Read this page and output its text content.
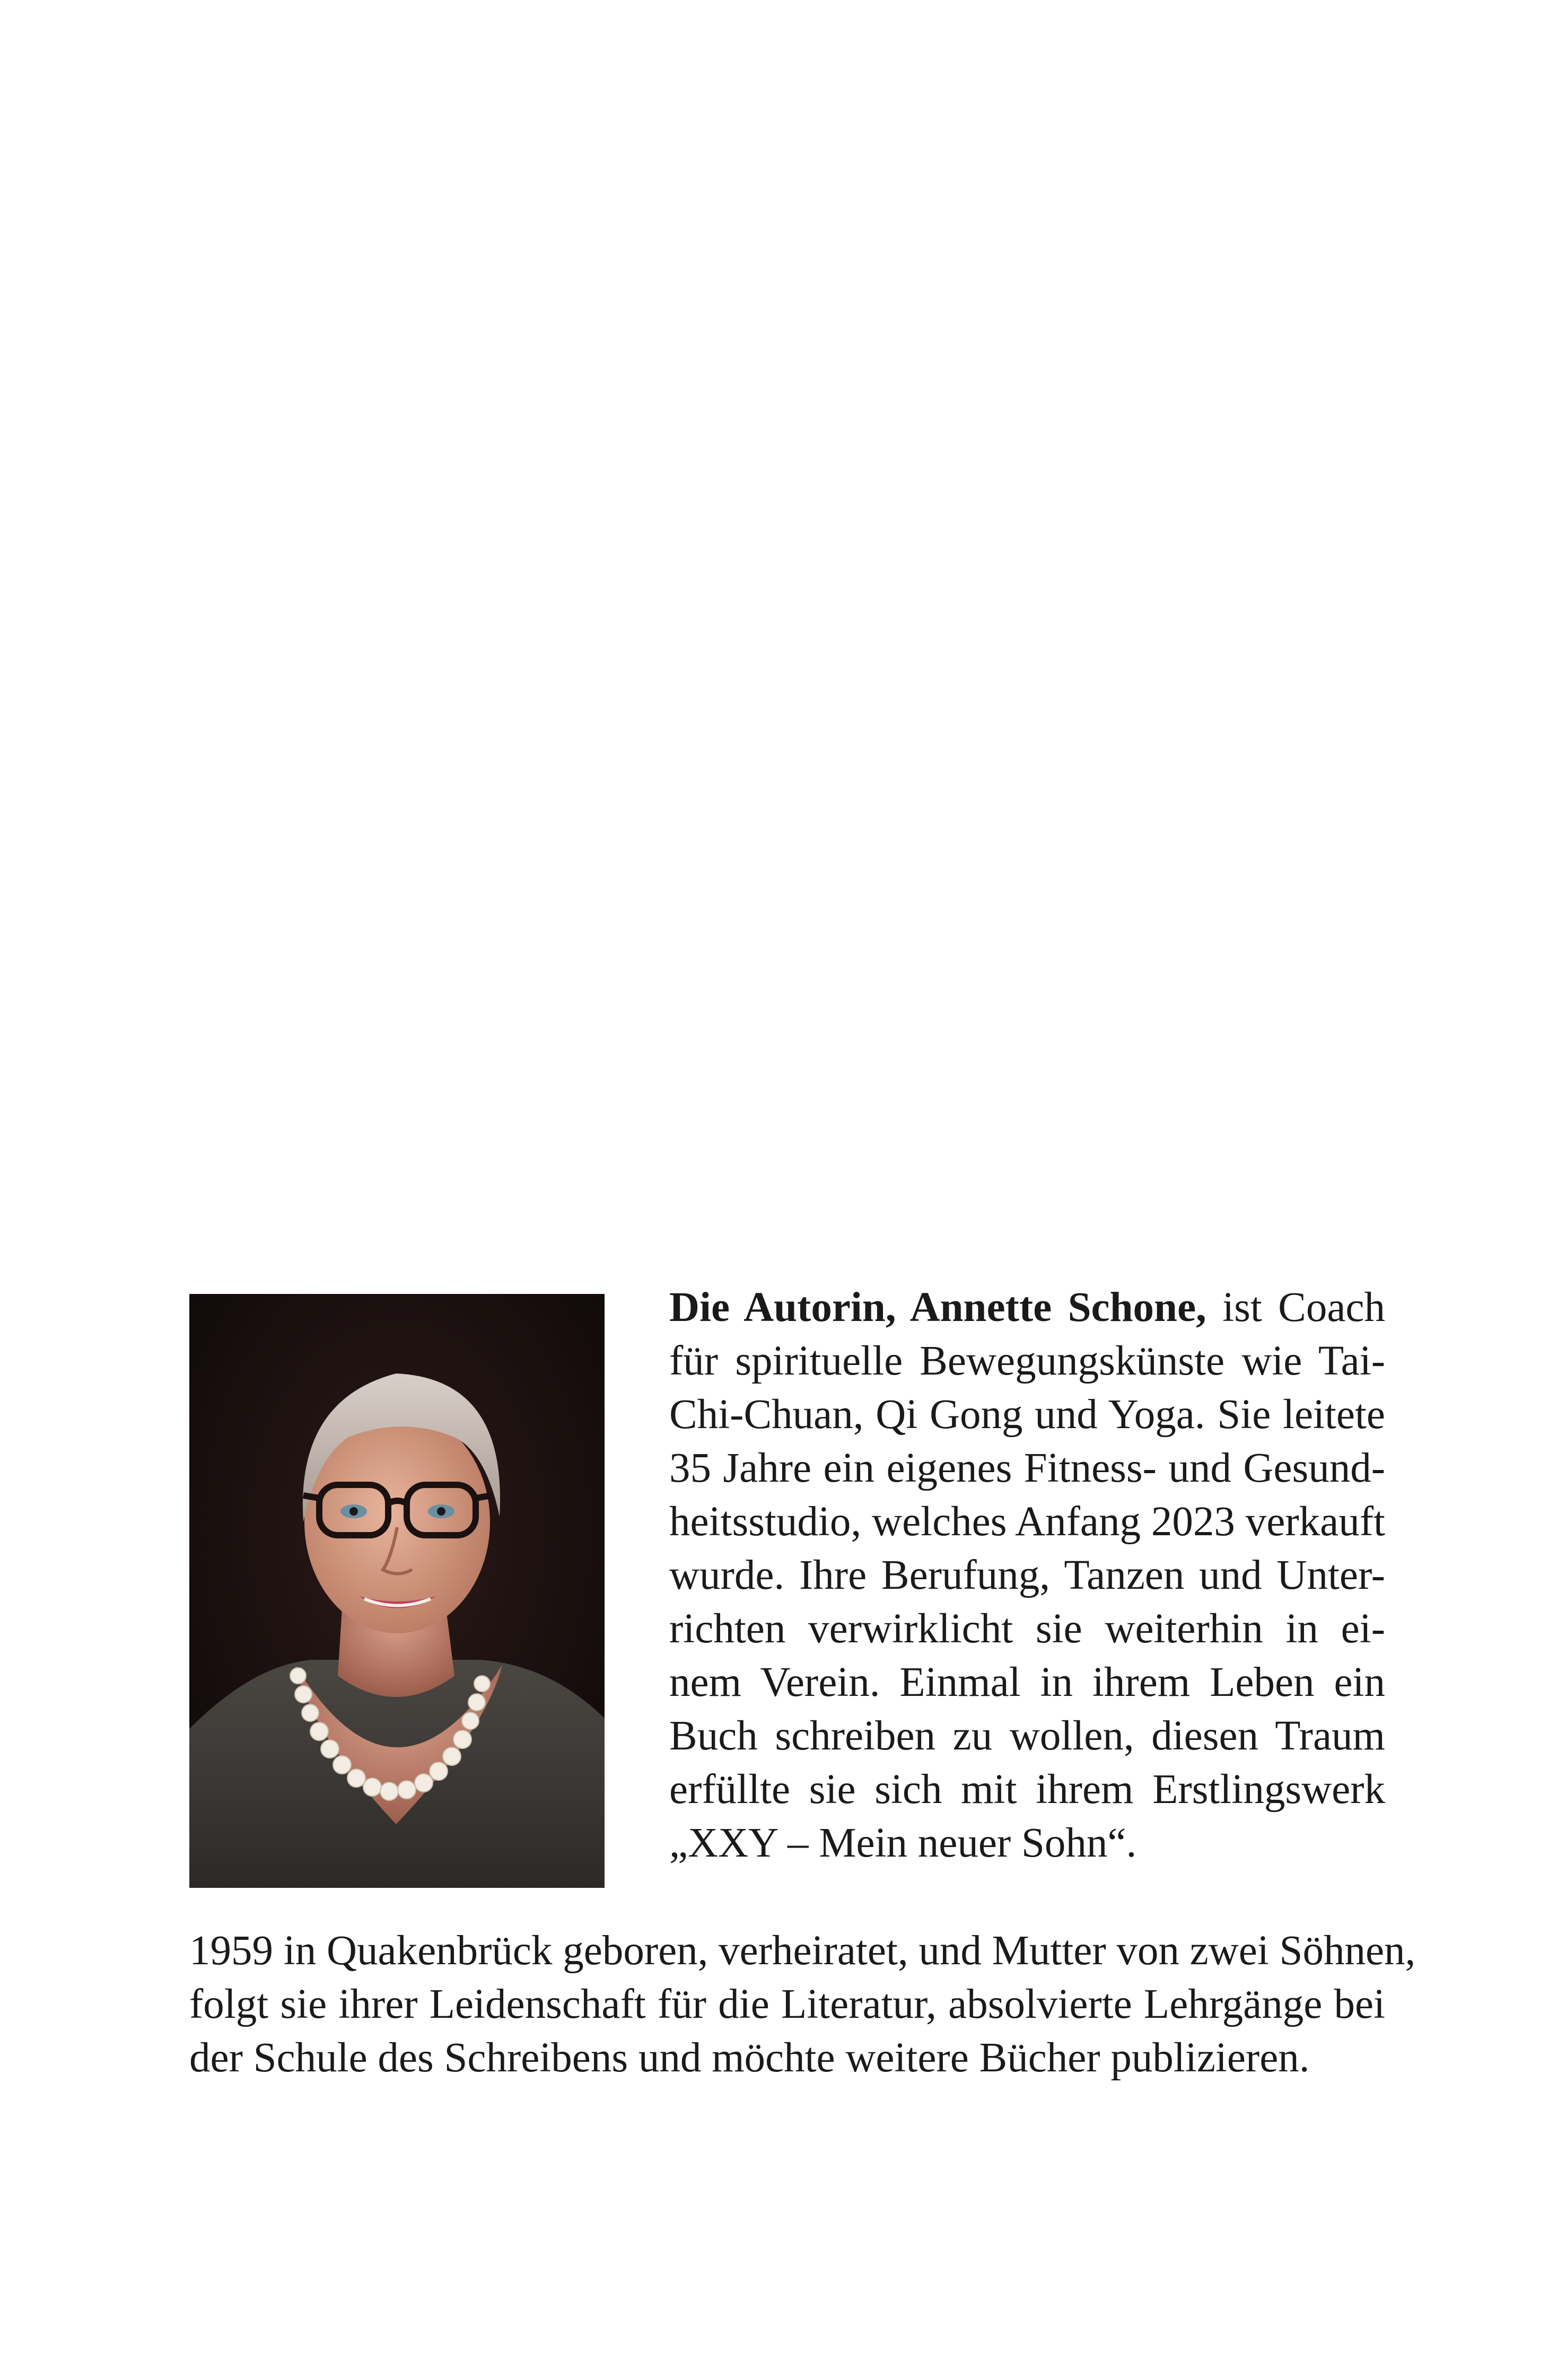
Die Autorin, Annette Schone, ist Coach
für spirituelle Bewegungskünste wie Tai-
Chi-Chuan, Qi Gong und Yoga. Sie leitete
35 Jahre ein eigenes Fitness- und Gesund-
heitsstudio, welches Anfang 2023 verkauft
wurde. Ihre Berufung, Tanzen und Unter-
richten verwirklicht sie weiterhin in ei-
nem Verein. Einmal in ihrem Leben ein
Buch schreiben zu wollen, diesen Traum
erfüllte sie sich mit ihrem Erstlingswerk
„XXY – Mein neuer Sohn“.
1959 in Quakenbrück geboren, verheiratet, und Mutter von zwei Söhnen,
folgt sie ihrer Leidenschaft für die Literatur, absolvierte Lehrgänge bei
der Schule des Schreibens und möchte weitere Bücher publizieren.
